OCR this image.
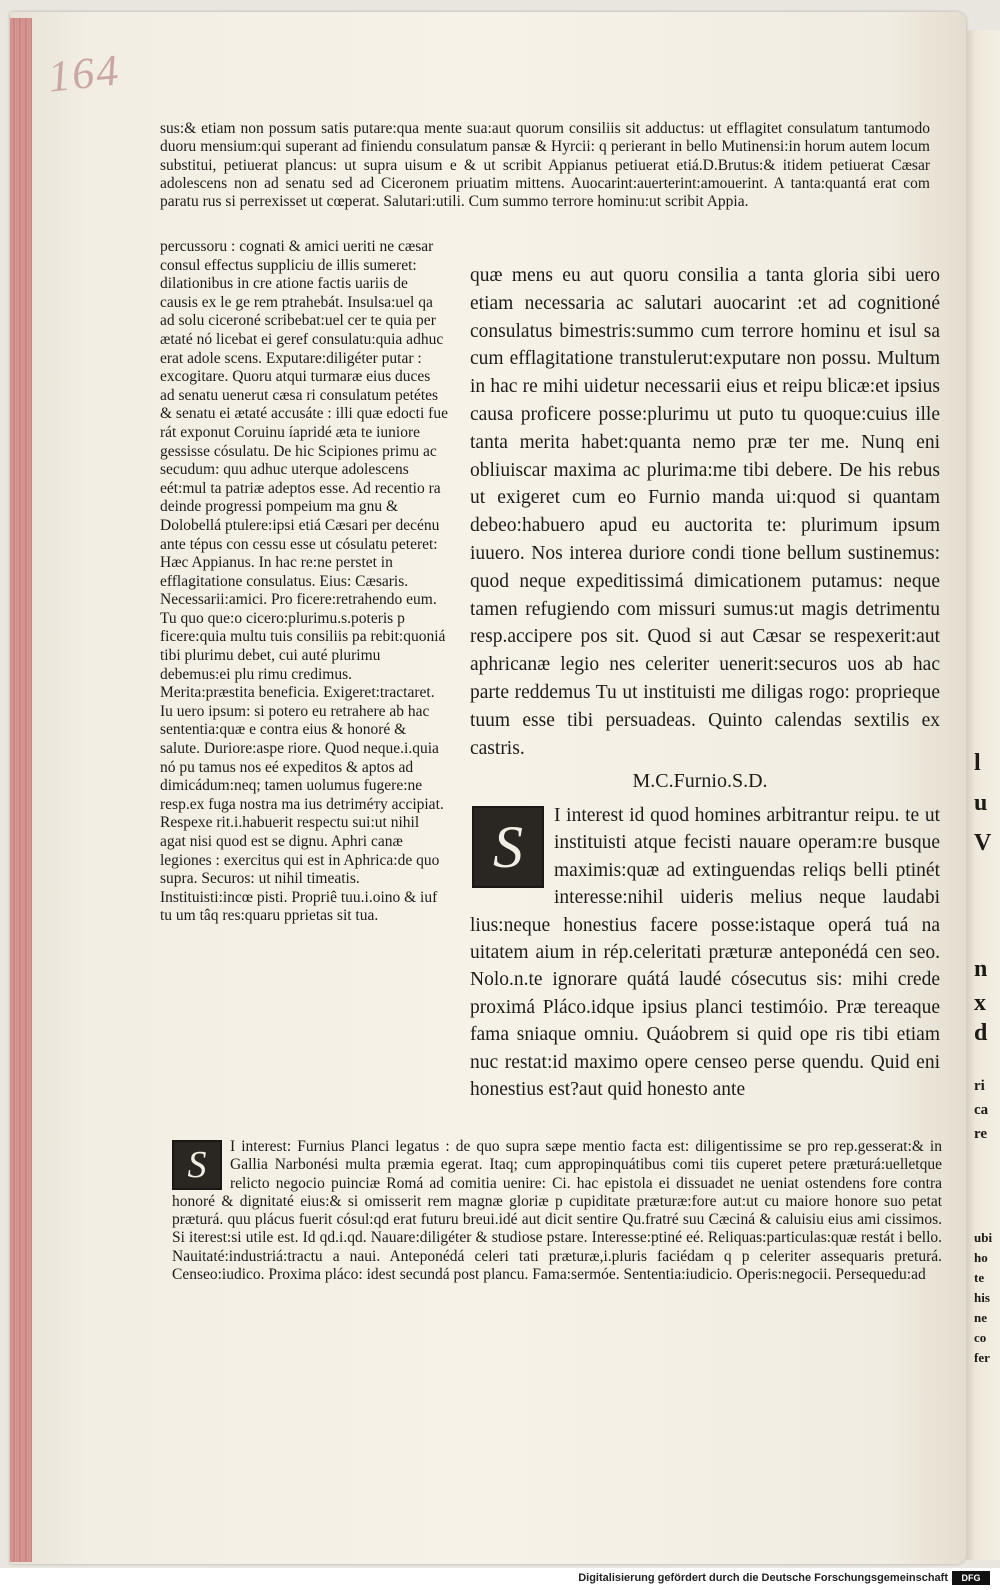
l
u
V
n
x
d
ri
ca
re
ubi
ho
te
his
ne
co
fer
164

sus:& etiam non possum satis putare:qua mente sua:aut quorum consiliis sit adductus: ut efflagitet consulatum tantumodo duoru mensium:qui superant ad finiendu consulatum pansæ & Hyrcii: q perierant in bello Mutinensi:in horum autem locum substitui, petiuerat plancus: ut supra uisum e & ut scribit Appianus petiuerat etiá.D.Brutus:& itidem petiuerat Cæsar adolescens non ad senatu sed ad Ciceronem priuatim mittens. Auocarint:auerterint:amouerint. A tanta:quantá erat com paratu rus si perrexisset ut cœperat. Salutari:utili. Cum summo terrore hominu:ut scribit Appia.

percussoru : cognati & amici ueriti ne cæsar consul effectus suppliciu de illis sumeret: dilationibus in cre atione factis uariis de causis ex le ge rem ptrahebát. Insulsa:uel qa ad solu ciceroné scribebat:uel cer te quia per ætaté nó licebat ei geref consulatu:quia adhuc erat adole scens. Exputare:diligéter putar : excogitare. Quoru atqui turmaræ eius duces ad senatu uenerut cæsa ri consulatum petétes & senatu ei ætaté accusáte : illi quæ edocti fue rát exponut Coruinu íapridé æta te iuniore gessisse cósulatu. De hic Scipiones primu ac secudum: quu adhuc uterque adolescens eét:mul ta patriæ adeptos esse. Ad recentio ra deinde progressi pompeium ma gnu & Dolobellá ptulere:ipsi etiá Cæsari per decénu ante tépus con cessu esse ut cósulatu peteret: Hæc Appianus. In hac re:ne perstet in efflagitatione consulatus. Eius: Cæsaris. Necessarii:amici. Pro ficere:retrahendo eum. Tu quo que:o cicero:plurimu.s.poteris p ficere:quia multu tuis consiliis pa rebit:quoniá tibi plurimu debet, cui auté plurimu debemus:ei plu rimu credimus. Merita:præstita beneficia. Exigeret:tractaret. Iu uero ipsum: si potero eu retrahere ab hac sententia:quæ e contra eius & honoré & salute. Duriore:aspe riore. Quod neque.i.quia nó pu tamus nos eé expeditos & aptos ad dimicádum:neq; tamen uolumus fugere:ne resp.ex fuga nostra ma ius detriméту accipiat. Respexe rit.i.habuerit respectu sui:ut nihil agat nisi quod est se dignu. Aphri canæ legiones : exercitus qui est in Aphrica:de quo supra. Securos: ut nihil timeatis. Instituisti:incœ pisti. Propriê tuu.i.oino & iuf tu um tâq res:quaru pprietas sit tua.

quæ mens eu aut quoru consilia a tanta gloria sibi uero etiam necessaria ac salutari auocarint :et ad cognitioné consulatus bimestris:summo cum terrore hominu et isul sa cum efflagitatione transtulerut:exputare non possu. Multum in hac re mihi uidetur necessarii eius et reipu blicæ:et ipsius causa proficere posse:plurimu ut puto tu quoque:cuius ille tanta merita habet:quanta nemo præ ter me. Nunq eni obliuiscar maxima ac plurima:me tibi debere. De his rebus ut exigeret cum eo Furnio manda ui:quod si quantam debeo:habuero apud eu auctorita te: plurimum ipsum iuuero. Nos interea duriore condi tione bellum sustinemus: quod neque expeditissimá dimicationem putamus: neque tamen refugiendo com missuri sumus:ut magis detrimentu resp.accipere pos sit. Quod si aut Cæsar se respexerit:aut aphricanæ legio nes celeriter uenerit:securos uos ab hac parte reddemus Tu ut instituisti me diligas rogo: proprieque tuum esse tibi persuadeas. Quinto calendas sextilis ex castris.

M.C.Furnio.S.D.
S	I interest id quod homines arbitrantur reipu. te ut instituisti atque fecisti nauare operam:re busque maximis:quæ ad extinguendas reliqs belli ptinét interesse:nihil uideris melius neque laudabi lius:neque honestius facere posse:istaque operá tuá na uitatem aium in rép.celeritati præturæ anteponédá cen seo. Nolo.n.te ignorare quátá laudé cósecutus sis: mihi crede proximá Pláco.idque ipsius planci testimóio. Præ tereaque fama sniaque omniu. Quáobrem si quid ope ris tibi etiam nuc restat:id maximo opere censeo perse quendu. Quid eni honestius est?aut quid honesto ante
S	I interest: Furnius Planci legatus : de quo supra sæpe mentio facta est: diligentissime se pro rep.gesserat:& in Gallia Narbonési multa præmia egerat. Itaq; cum appropinquátibus comi tiis cuperet petere præturá:uelletque relicto negocio puinciæ Romá ad comitia uenire: Ci. hac epistola ei dissuadet ne ueniat ostendens fore contra honoré & dignitaté eius:& si omisserit rem magnæ gloriæ p cupiditate præturæ:fore aut:ut cu maiore honore suo petat præturá. quu plácus fuerit cósul:qd erat futuru breui.idé aut dicit sentire Qu.fratré suu Cæciná & caluisiu eius ami cissimos. Si iterest:si utile est. Id qd.i.qd. Nauare:diligéter & studiose pstare. Interesse:ptiné eé. Reliquas:particulas:quæ restát i bello. Nauitaté:industriá:tractu a naui. Anteponédá celeri tati præturæ,i.pluris faciédam q p celeriter assequaris preturá. Censeo:iudico. Proxima pláco: idest secundá post plancu. Fama:sermóe. Sententia:iudicio. Operis:negocii. Persequedu:ad
Digitalisierung gefördert durch die Deutsche Forschungsgemeinschaft	DFG
